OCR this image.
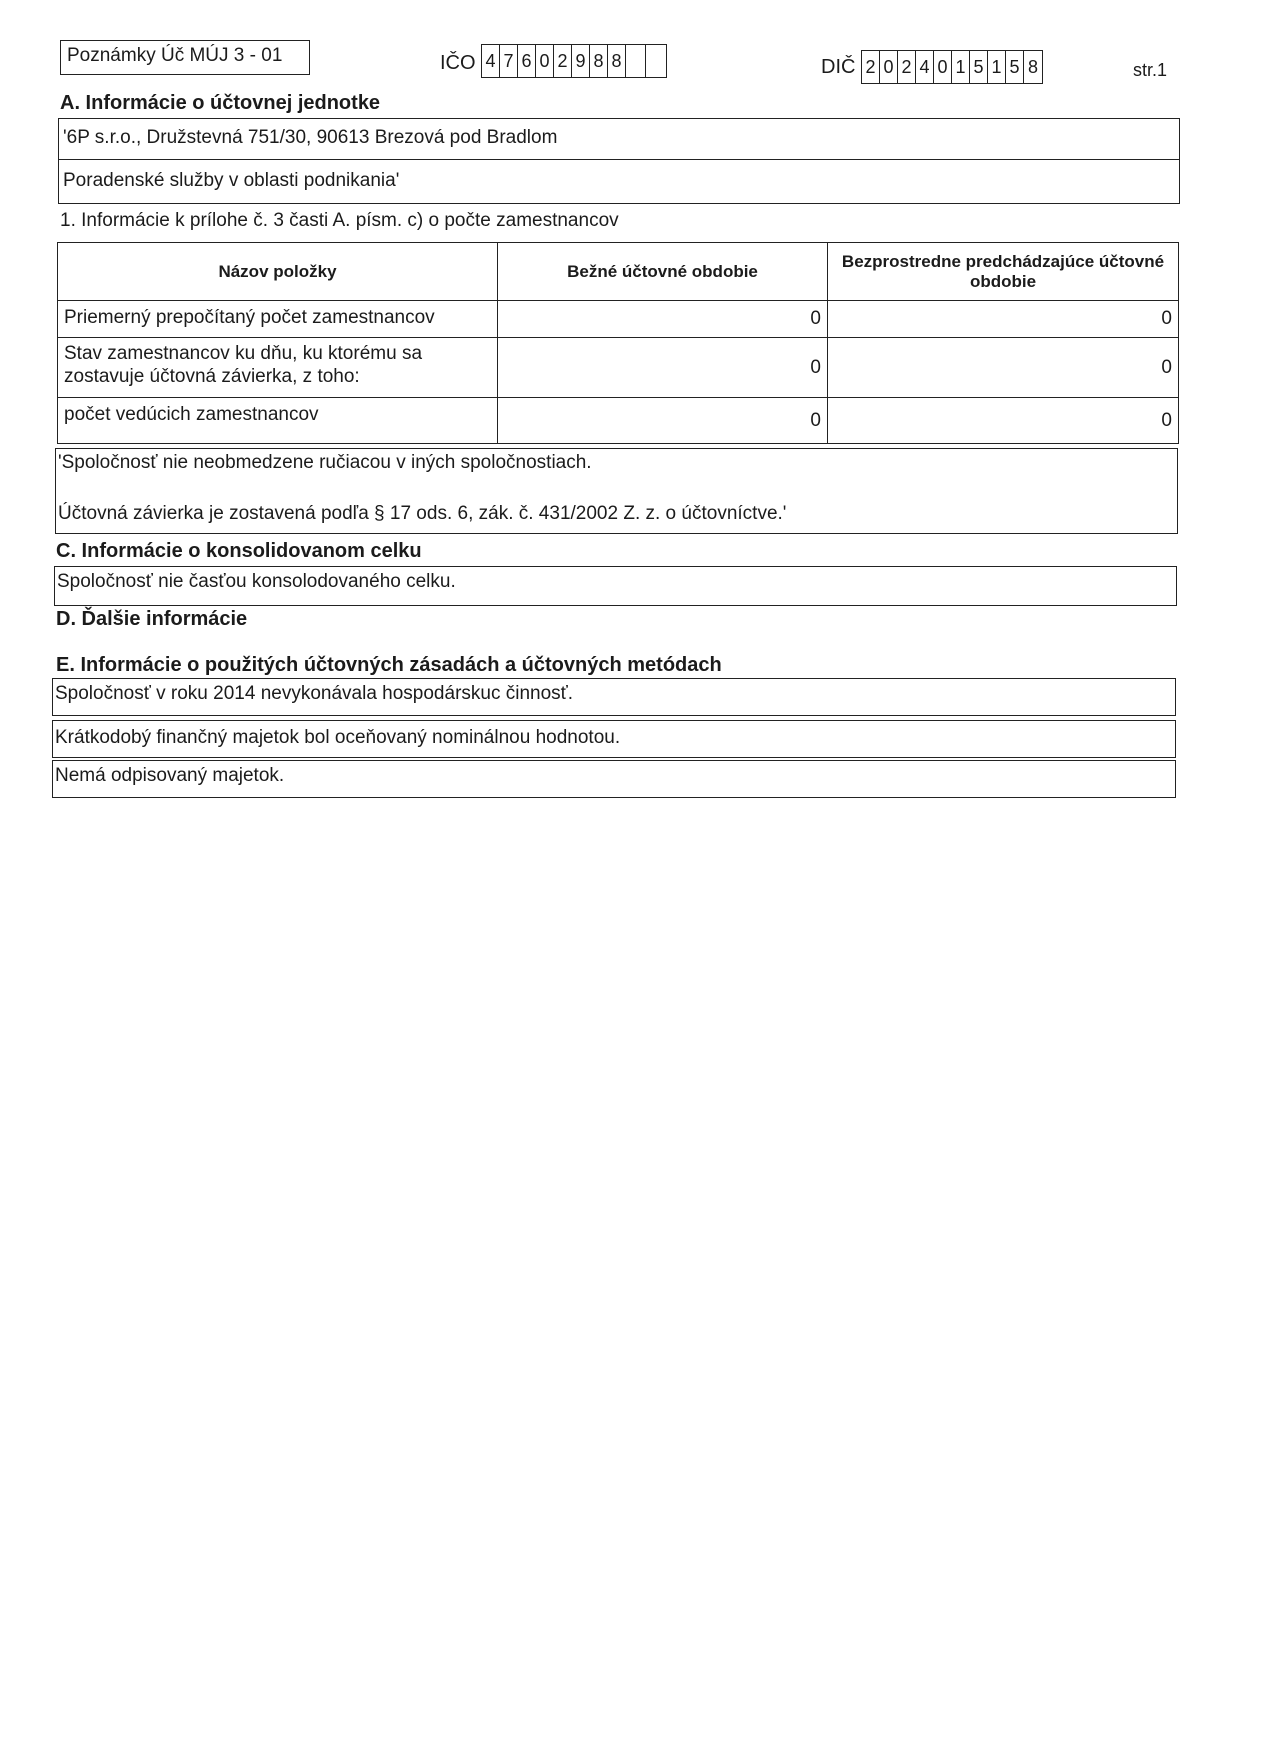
Poznámky Úč MÚJ 3 - 01	IČO 4 7 6 0 2 9 8 8	DIČ 2 0 2 4 0 1 5 1 5 8	str.1
A. Informácie o účtovnej jednotke
'6P s.r.o., Družstevná 751/30, 90613 Brezová pod Bradlom
Poradenské služby v oblasti podnikania'
1. Informácie k prílohe č. 3 časti A. písm. c) o počte zamestnancov
Názov položky	Bežné účtovné obdobie	Bezprostredne predchádzajúce účtovné obdobie
Priemerný prepočítaný počet zamestnancov	0	0
Stav zamestnancov ku dňu, ku ktorému sa zostavuje účtovná závierka, z toho:	0	0
počet vedúcich zamestnancov	0	0
'Spoločnosť nie neobmedzene ručiacou v iných spoločnostiach.
Účtovná závierka je zostavená podľa § 17 ods. 6, zák. č. 431/2002 Z. z. o účtovníctve.'
C. Informácie o konsolidovanom celku
Spoločnosť nie časťou konsolodovaného celku.
D. Ďalšie informácie
E. Informácie o použitých účtovných zásadách a účtovných metódach
Spoločnosť v roku 2014 nevykonávala hospodárskuc činnosť.
Krátkodobý finančný majetok bol oceňovaný nominálnou hodnotou.
Nemá odpisovaný majetok.
